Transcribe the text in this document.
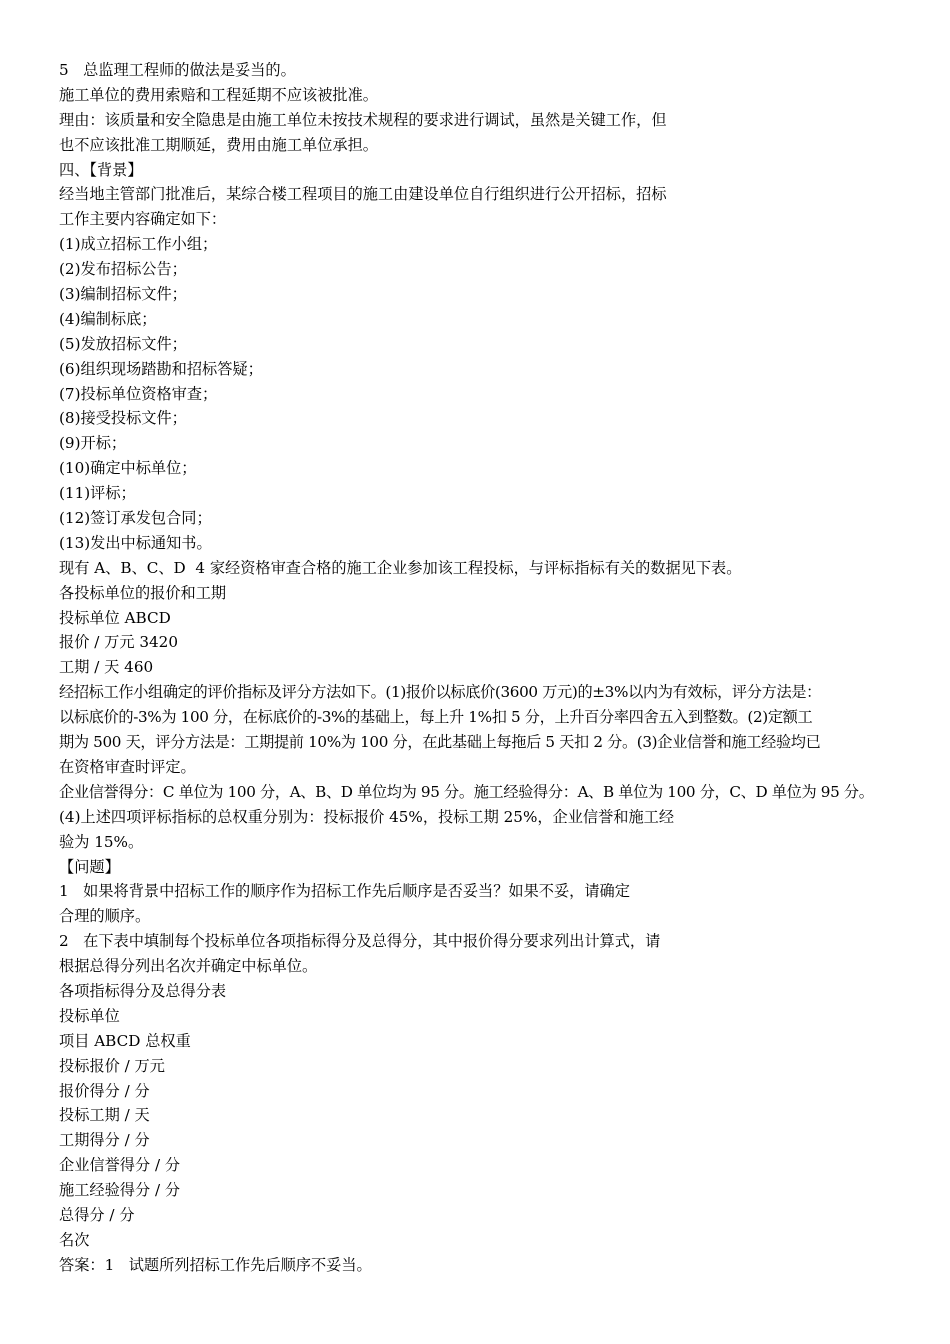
5   总监理工程师的做法是妥当的。
施工单位的费用索赔和工程延期不应该被批准。
理由：该质量和安全隐患是由施工单位未按技术规程的要求进行调试，虽然是关键工作，但
也不应该批准工期顺延，费用由施工单位承担。
四、【背景】
经当地主管部门批准后，某综合楼工程项目的施工由建设单位自行组织进行公开招标，招标
工作主要内容确定如下：
(1)成立招标工作小组；
(2)发布招标公告；
(3)编制招标文件；
(4)编制标底；
(5)发放招标文件；
(6)组织现场踏勘和招标答疑；
(7)投标单位资格审查；
(8)接受投标文件；
(9)开标；
(10)确定中标单位；
(11)评标；
(12)签订承发包合同；
(13)发出中标通知书。
现有 A、B、C、D  4 家经资格审查合格的施工企业参加该工程投标，与评标指标有关的数据见下表。
各投标单位的报价和工期
投标单位 ABCD
报价 / 万元 3420
工期 / 天 460
经招标工作小组确定的评价指标及评分方法如下。(1)报价以标底价(3600 万元)的±3%以内为有效标，评分方法是：
以标底价的-3%为 100 分，在标底价的-3%的基础上，每上升 1%扣 5 分，上升百分率四舍五入到整数。(2)定额工
期为 500 天，评分方法是：工期提前 10%为 100 分，在此基础上每拖后 5 天扣 2 分。(3)企业信誉和施工经验均已
在资格审查时评定。
企业信誉得分：C 单位为 100 分，A、B、D 单位均为 95 分。施工经验得分：A、B 单位为 100 分，C、D 单位为 95 分。
(4)上述四项评标指标的总权重分别为：投标报价 45%，投标工期 25%，企业信誉和施工经
验为 15%。
【问题】
1   如果将背景中招标工作的顺序作为招标工作先后顺序是否妥当？如果不妥，请确定
合理的顺序。
2   在下表中填制每个投标单位各项指标得分及总得分，其中报价得分要求列出计算式，请
根据总得分列出名次并确定中标单位。
各项指标得分及总得分表
投标单位
项目 ABCD 总权重
投标报价 / 万元
报价得分 / 分
投标工期 / 天
工期得分 / 分
企业信誉得分 / 分
施工经验得分 / 分
总得分 / 分
名次
答案：1   试题所列招标工作先后顺序不妥当。
